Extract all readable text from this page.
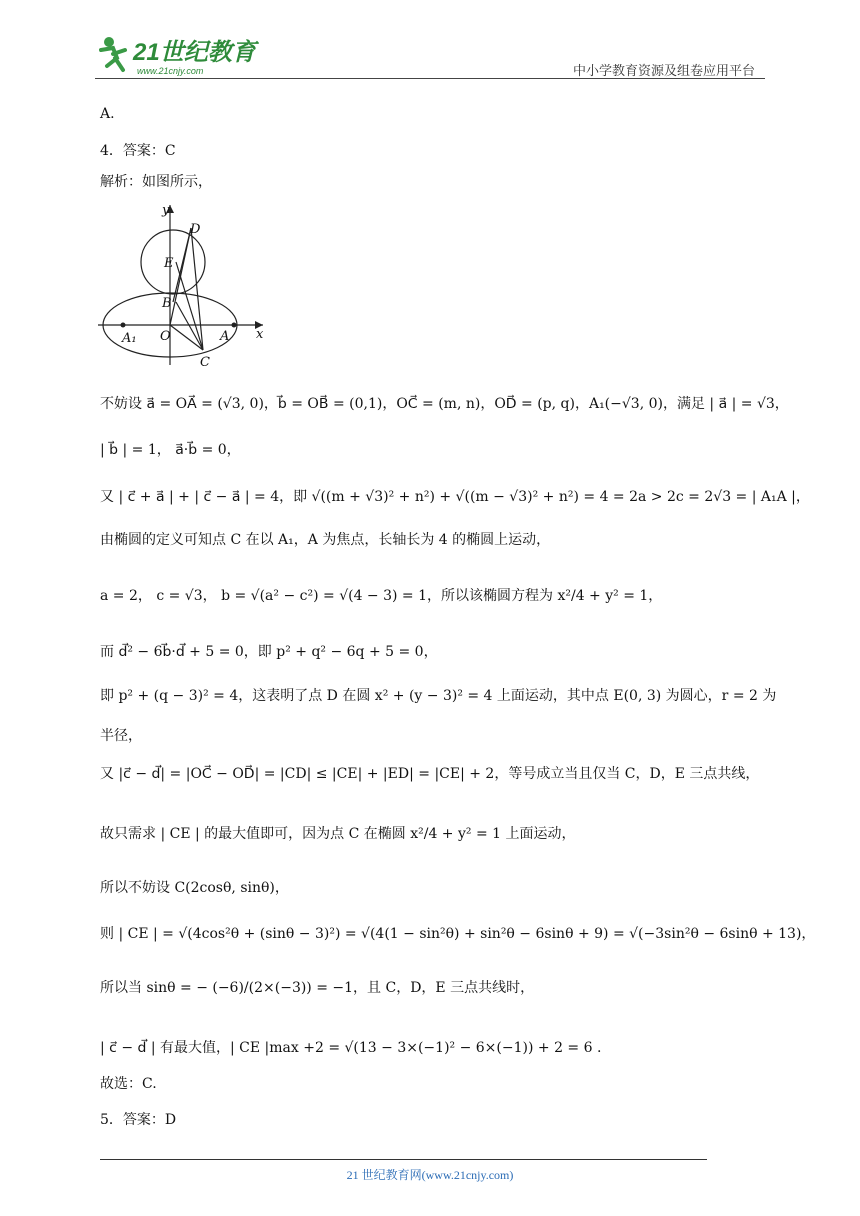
21世纪教育
www.21cnjy.com	中小学教育资源及组卷应用平台
A.
4．答案：C
解析：如图所示，
y
x
D
E
B
O
A₁	A
C
不妨设 a⃗ = OA⃗ = (√3, 0)，b⃗ = OB⃗ = (0,1)，OC⃗ = (m, n)，OD⃗ = (p, q)，A₁(−√3, 0)，满足 | a⃗ | = √3，
| b⃗ | = 1， a⃗·b⃗ = 0，
又 | c⃗ + a⃗ | + | c⃗ − a⃗ | = 4，即 √((m + √3)² + n²) + √((m − √3)² + n²) = 4 = 2a > 2c = 2√3 = | A₁A |，
由椭圆的定义可知点 C 在以 A₁，A 为焦点，长轴长为 4 的椭圆上运动，
a = 2， c = √3， b = √(a² − c²) = √(4 − 3) = 1，所以该椭圆方程为 x²/4 + y² = 1，
而 d⃗² − 6b⃗·d⃗ + 5 = 0，即 p² + q² − 6q + 5 = 0，
即 p² + (q − 3)² = 4，这表明了点 D 在圆 x² + (y − 3)² = 4 上面运动，其中点 E(0, 3) 为圆心，r = 2 为
半径，
又 |c⃗ − d⃗| = |OC⃗ − OD⃗| = |CD| ≤ |CE| + |ED| = |CE| + 2，等号成立当且仅当 C，D，E 三点共线，
故只需求 | CE | 的最大值即可，因为点 C 在椭圆 x²/4 + y² = 1 上面运动，
所以不妨设 C(2cosθ, sinθ)，
则 | CE | = √(4cos²θ + (sinθ − 3)²) = √(4(1 − sin²θ) + sin²θ − 6sinθ + 9) = √(−3sin²θ − 6sinθ + 13)，
所以当 sinθ = − (−6)/(2×(−3)) = −1，且 C，D，E 三点共线时，
| c⃗ − d⃗ | 有最大值，| CE |max +2 = √(13 − 3×(−1)² − 6×(−1)) + 2 = 6 .
故选：C.
5．答案：D
21 世纪教育网(www.21cnjy.com)
